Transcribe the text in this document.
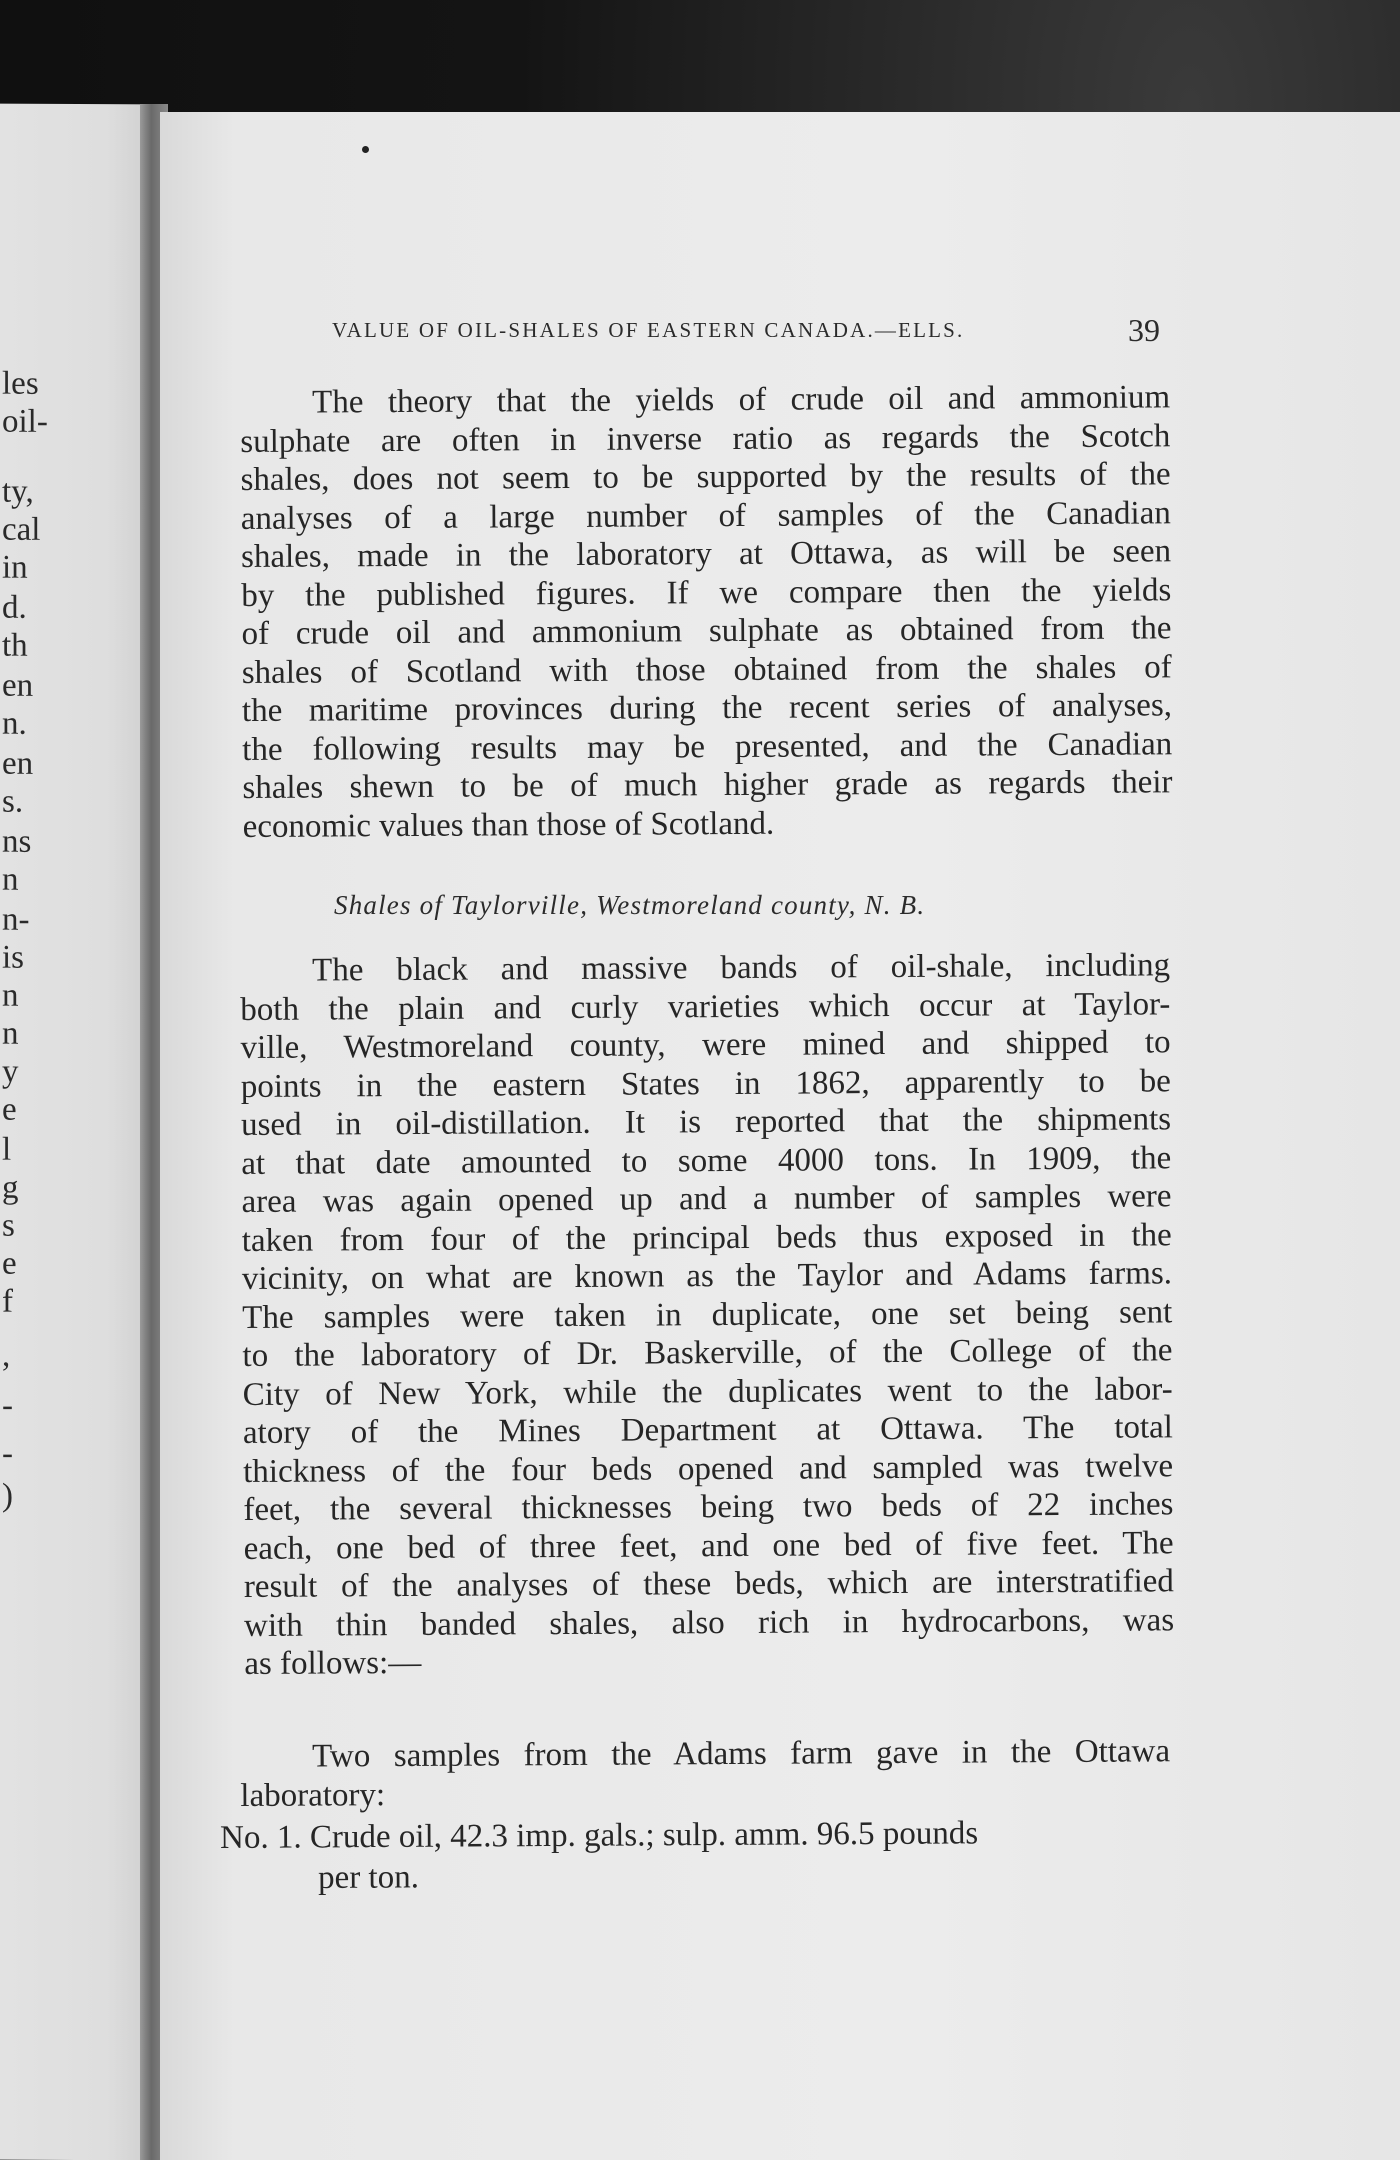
les
oil-
ty,
cal
in
d.
th
en
n.
en
s.
ns
n
n-
is
n
n
y
e
l
g
s
e
f
,
-
-
)
VALUE OF OIL-SHALES OF EASTERN CANADA.—ELLS.	39
The theory that the yields of crude oil and ammonium
sulphate are often in inverse ratio as regards the Scotch
shales, does not seem to be supported by the results of the
analyses of a large number of samples of the Canadian
shales, made in the laboratory at Ottawa, as will be seen
by the published figures. If we compare then the yields
of crude oil and ammonium sulphate as obtained from the
shales of Scotland with those obtained from the shales of
the maritime provinces during the recent series of analyses,
the following results may be presented, and the Canadian
shales shewn to be of much higher grade as regards their
economic values than those of Scotland.
Shales of Taylorville, Westmoreland county, N. B.
The black and massive bands of oil-shale, including
both the plain and curly varieties which occur at Taylor-
ville, Westmoreland county, were mined and shipped to
points in the eastern States in 1862, apparently to be
used in oil-distillation. It is reported that the shipments
at that date amounted to some 4000 tons. In 1909, the
area was again opened up and a number of samples were
taken from four of the principal beds thus exposed in the
vicinity, on what are known as the Taylor and Adams farms.
The samples were taken in duplicate, one set being sent
to the laboratory of Dr. Baskerville, of the College of the
City of New York, while the duplicates went to the labor-
atory of the Mines Department at Ottawa. The total
thickness of the four beds opened and sampled was twelve
feet, the several thicknesses being two beds of 22 inches
each, one bed of three feet, and one bed of five feet. The
result of the analyses of these beds, which are interstratified
with thin banded shales, also rich in hydrocarbons, was
as follows:—
Two samples from the Adams farm gave in the Ottawa
laboratory:
No. 1. Crude oil, 42.3 imp. gals.; sulp. amm. 96.5 pounds
per ton.
